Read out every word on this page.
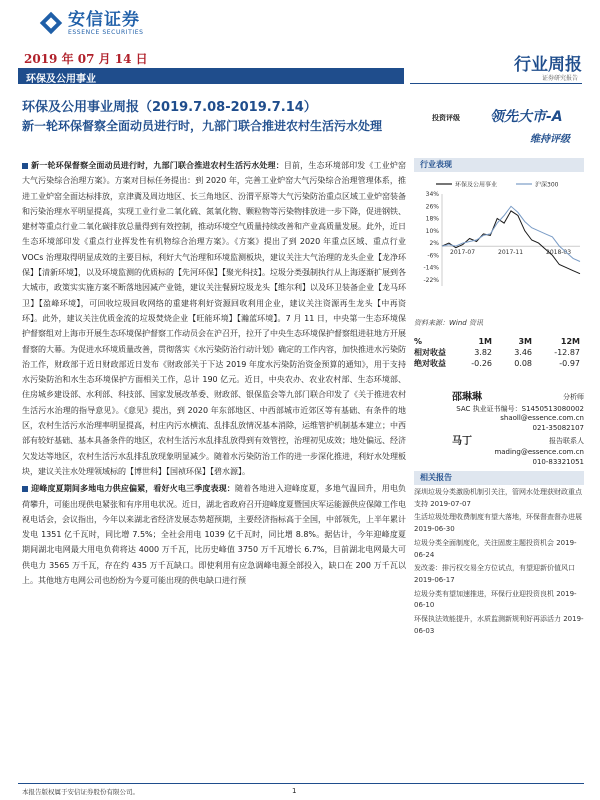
安信证券
ESSENCE SECURITIES
2019 年 07 月 14 日	行业周报
证券研究报告
环保及公用事业
环保及公用事业周报（2019.7.08-2019.7.14）
新一轮环保督察全面动员进行时，九部门联合推进农村生活污水处理

新一轮环保督察全面动员进行时，九部门联合推进农村生活污水处理：目前，生态环境部印发《工业炉窑大气污染综合治理方案》。方案对目标任务提出：到 2020 年，完善工业炉窑大气污染综合治理管理体系，推进工业炉窑全面达标排放，京津冀及周边地区、长三角地区、汾渭平原等大气污染防治重点区域工业炉窑装备和污染治理水平明显提高，实现工业行业二氧化硫、氮氧化物、颗粒物等污染物排放进一步下降，促进钢铁、建材等重点行业二氧化碳排放总量得到有效控制，推动环境空气质量持续改善和产业高质量发展。此外，近日生态环境部印发《重点行业挥发性有机物综合治理方案》。《方案》提出了到 2020 年重点区域、重点行业 VOCs 治理取得明显成效的主要目标，利好大气治理和环境监测板块，建议关注大气治理的龙头企业【龙净环保】【清新环境】，以及环境监测的优质标的【先河环保】【聚光科技】。垃圾分类强制执行从上海逐渐扩展到各大城市，政策实实施方案不断落地因减产业链，建议关注餐厨垃圾龙头【维尔利】以及环卫装备企业【龙马环卫】【盈峰环境】，可回收垃圾回收网络的重建将利好资源回收利用企业，建议关注资源再生龙头【中再资环】。此外，建议关注优质金流的垃圾焚烧企业【旺能环境】【瀚蓝环境】。7 月 11 日，中央第一生态环境保护督察组对上海市开展生态环境保护督察工作动员会在沪召开，拉开了中央生态环境保护督察组进驻地方开展督察的大幕。为促进水环境质量改善，贯彻落实《水污染防治行动计划》确定的工作内容，加快推进水污染防治工作，财政部于近日财政部近日发布《财政部关于下达 2019 年度水污染防治资金预算的通知》，用于支持水污染防治和水生态环境保护方面相关工作，总计 190 亿元。近日，中央农办、农业农村部、生态环境部、住房城乡建设部、水利部、科技部、国家发展改革委、财政部、银保监会等九部门联合印发了《关于推进农村生活污水治理的指导意见》。《意见》提出，到 2020 年东部地区、中西部城市近郊区等有基础、有条件的地区，农村生活污水治理率明显提高，村庄内污水横流、乱排乱放情况基本消除，运维管护机制基本建立；中西部有较好基础、基本具备条件的地区，农村生活污水乱排乱放得到有效管控，治理初见成效；地处偏远、经济欠发达等地区，农村生活污水乱排乱放现象明显减少。随着水污染防治工作的进一步深化推进，利好水处理板块，建议关注水处理领域标的【博世科】【国祯环保】【碧水源】。

迎峰度夏期间多地电力供应偏紧，看好火电三季度表现：随着各地进入迎峰度夏，多地气温回升，用电负荷攀升，可能出现供电紧张和有序用电状况。近日，湖北省政府召开迎峰度夏暨国庆军运能源供应保障工作电视电话会，会议指出，今年以来湖北省经济发展态势超预期，主要经济指标高于全国，中部领先，上半年累计发电 1351 亿千瓦时，同比增 7.5%；全社会用电 1039 亿千瓦时，同比增 8.8%。据估计，今年迎峰度夏期间湖北电网最大用电负荷将达 4000 万千瓦，比历史峰值 3750 万千瓦增长 6.7%，目前湖北电网最大可供电力 3565 万千瓦，存在约 435 万千瓦缺口。即使利用有应急调峰电源全部投入，缺口在 200 万千瓦以上。其他地方电网公司也纷纷为今夏可能出现的供电缺口进行预

投资评级 领先大市-A
维持评级
行业表现
环保及公用事业	沪深300
34%
26%
18%
10%
2%
-6%
-14%
-22%
2017-07	2017-11	2018-03
资料来源：Wind 资讯
%	1M	3M	12M
相对收益	3.82	3.46	-12.87
绝对收益	-0.26	0.08	-0.97
邵琳琳	分析师
SAC 执业证书编号：S1450513080002
shaoll@essence.com.cn
021-35082107
马丁	报告联系人
mading@essence.com.cn
010-83321051
相关报告
深圳垃圾分类激励机制引关注，管网水处理获财政重点支持 2019-07-07
生活垃圾处理收费制度有望大落地，环保督查督办进展 2019-06-30
垃圾分类全面制度化，关注固废主题投资机会 2019-06-24
发改委：排污权交易全方位试点，有望迎新价值风口 2019-06-17
垃圾分类有望加速推进，环保行业迎投资良机 2019-06-10
环保执法效能提升，水质监测新规利好再添活力 2019-06-03
本报告版权属于安信证券股份有限公司。	1
